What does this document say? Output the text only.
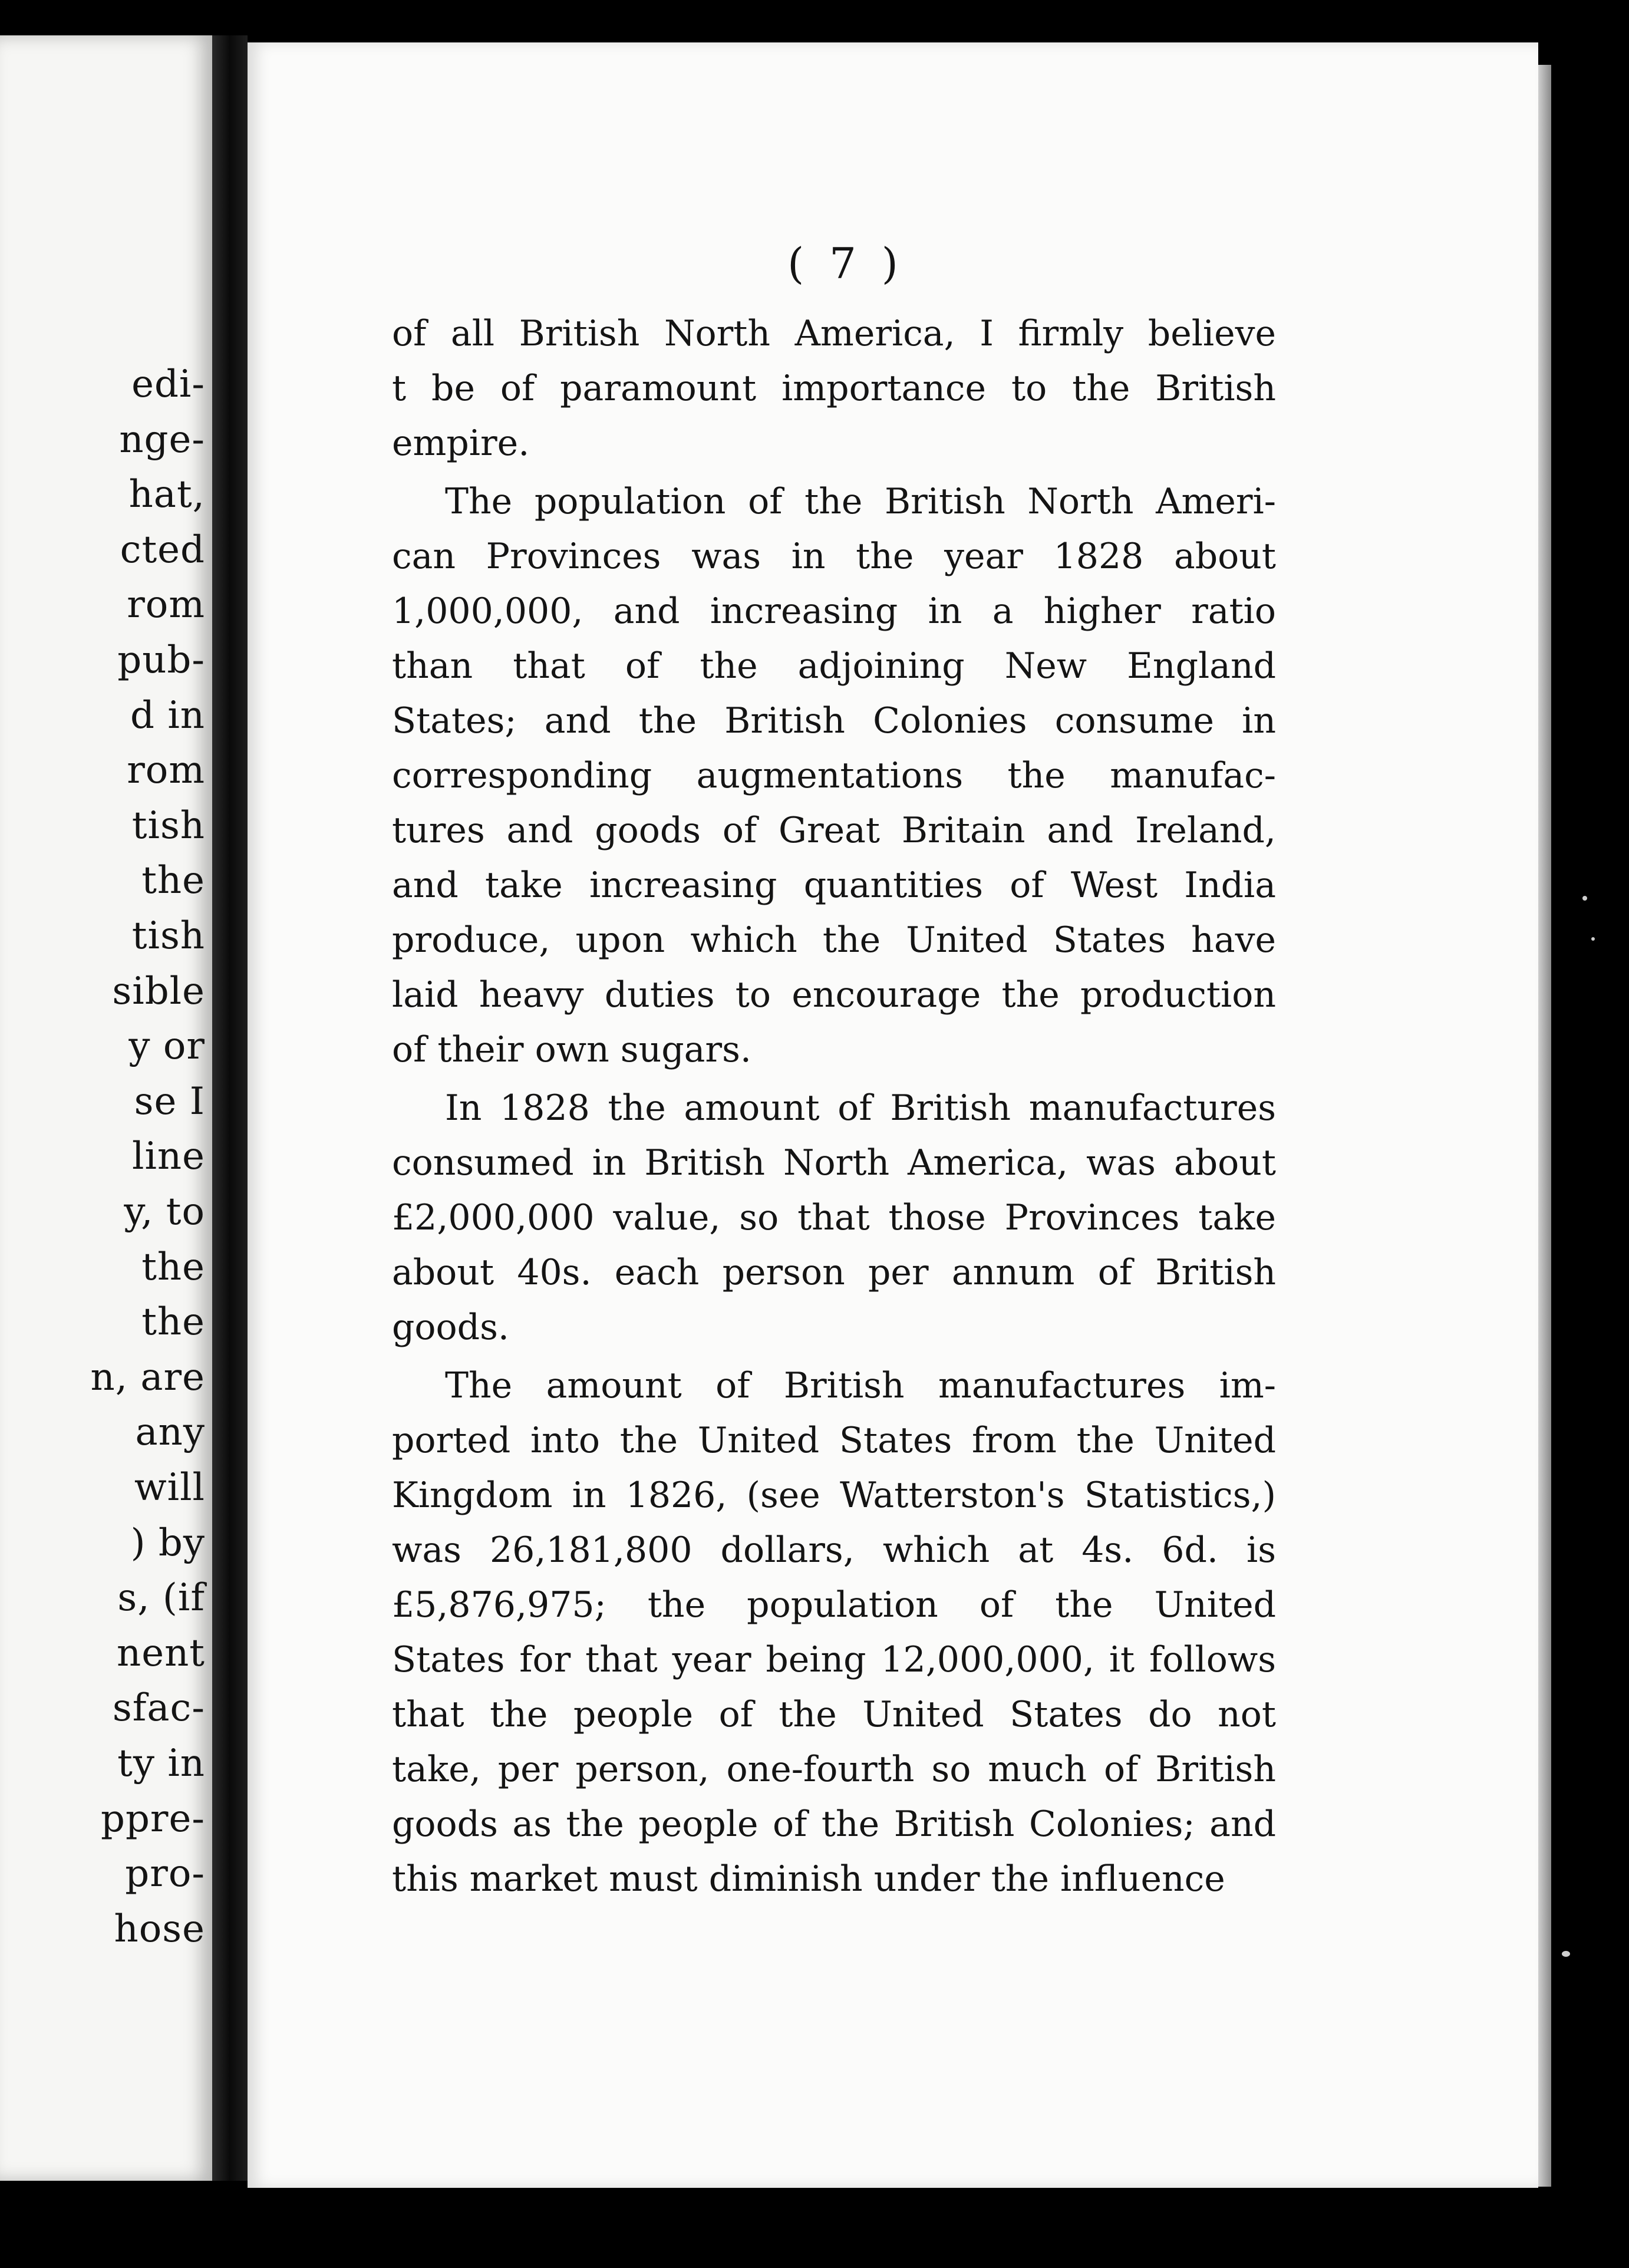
edi-
nge-
hat,
cted
rom
pub-
d in
rom
tish
the
tish
sible
y or
se I
line
y, to
the
the
n, are
any
will
) by
s, (if
nent
sfac-
ty in
ppre-
pro-
hose
( 7 )
of all British North America, I firmly believe
t be of paramount importance to the British
empire.
The population of the British North Ameri-
can Provinces was in the year 1828 about
1,000,000, and increasing in a higher ratio
than that of the adjoining New England
States; and the British Colonies consume in
corresponding augmentations the manufac-
tures and goods of Great Britain and Ireland,
and take increasing quantities of West India
produce, upon which the United States have
laid heavy duties to encourage the production
of their own sugars.
In 1828 the amount of British manufactures
consumed in British North America, was about
£2,000,000 value, so that those Provinces take
about 40s. each person per annum of British
goods.
The amount of British manufactures im-
ported into the United States from the United
Kingdom in 1826, (see Watterston's Statistics,)
was 26,181,800 dollars, which at 4s. 6d. is
£5,876,975; the population of the United
States for that year being 12,000,000, it follows
that the people of the United States do not
take, per person, one-fourth so much of British
goods as the people of the British Colonies; and
this market must diminish under the influence
